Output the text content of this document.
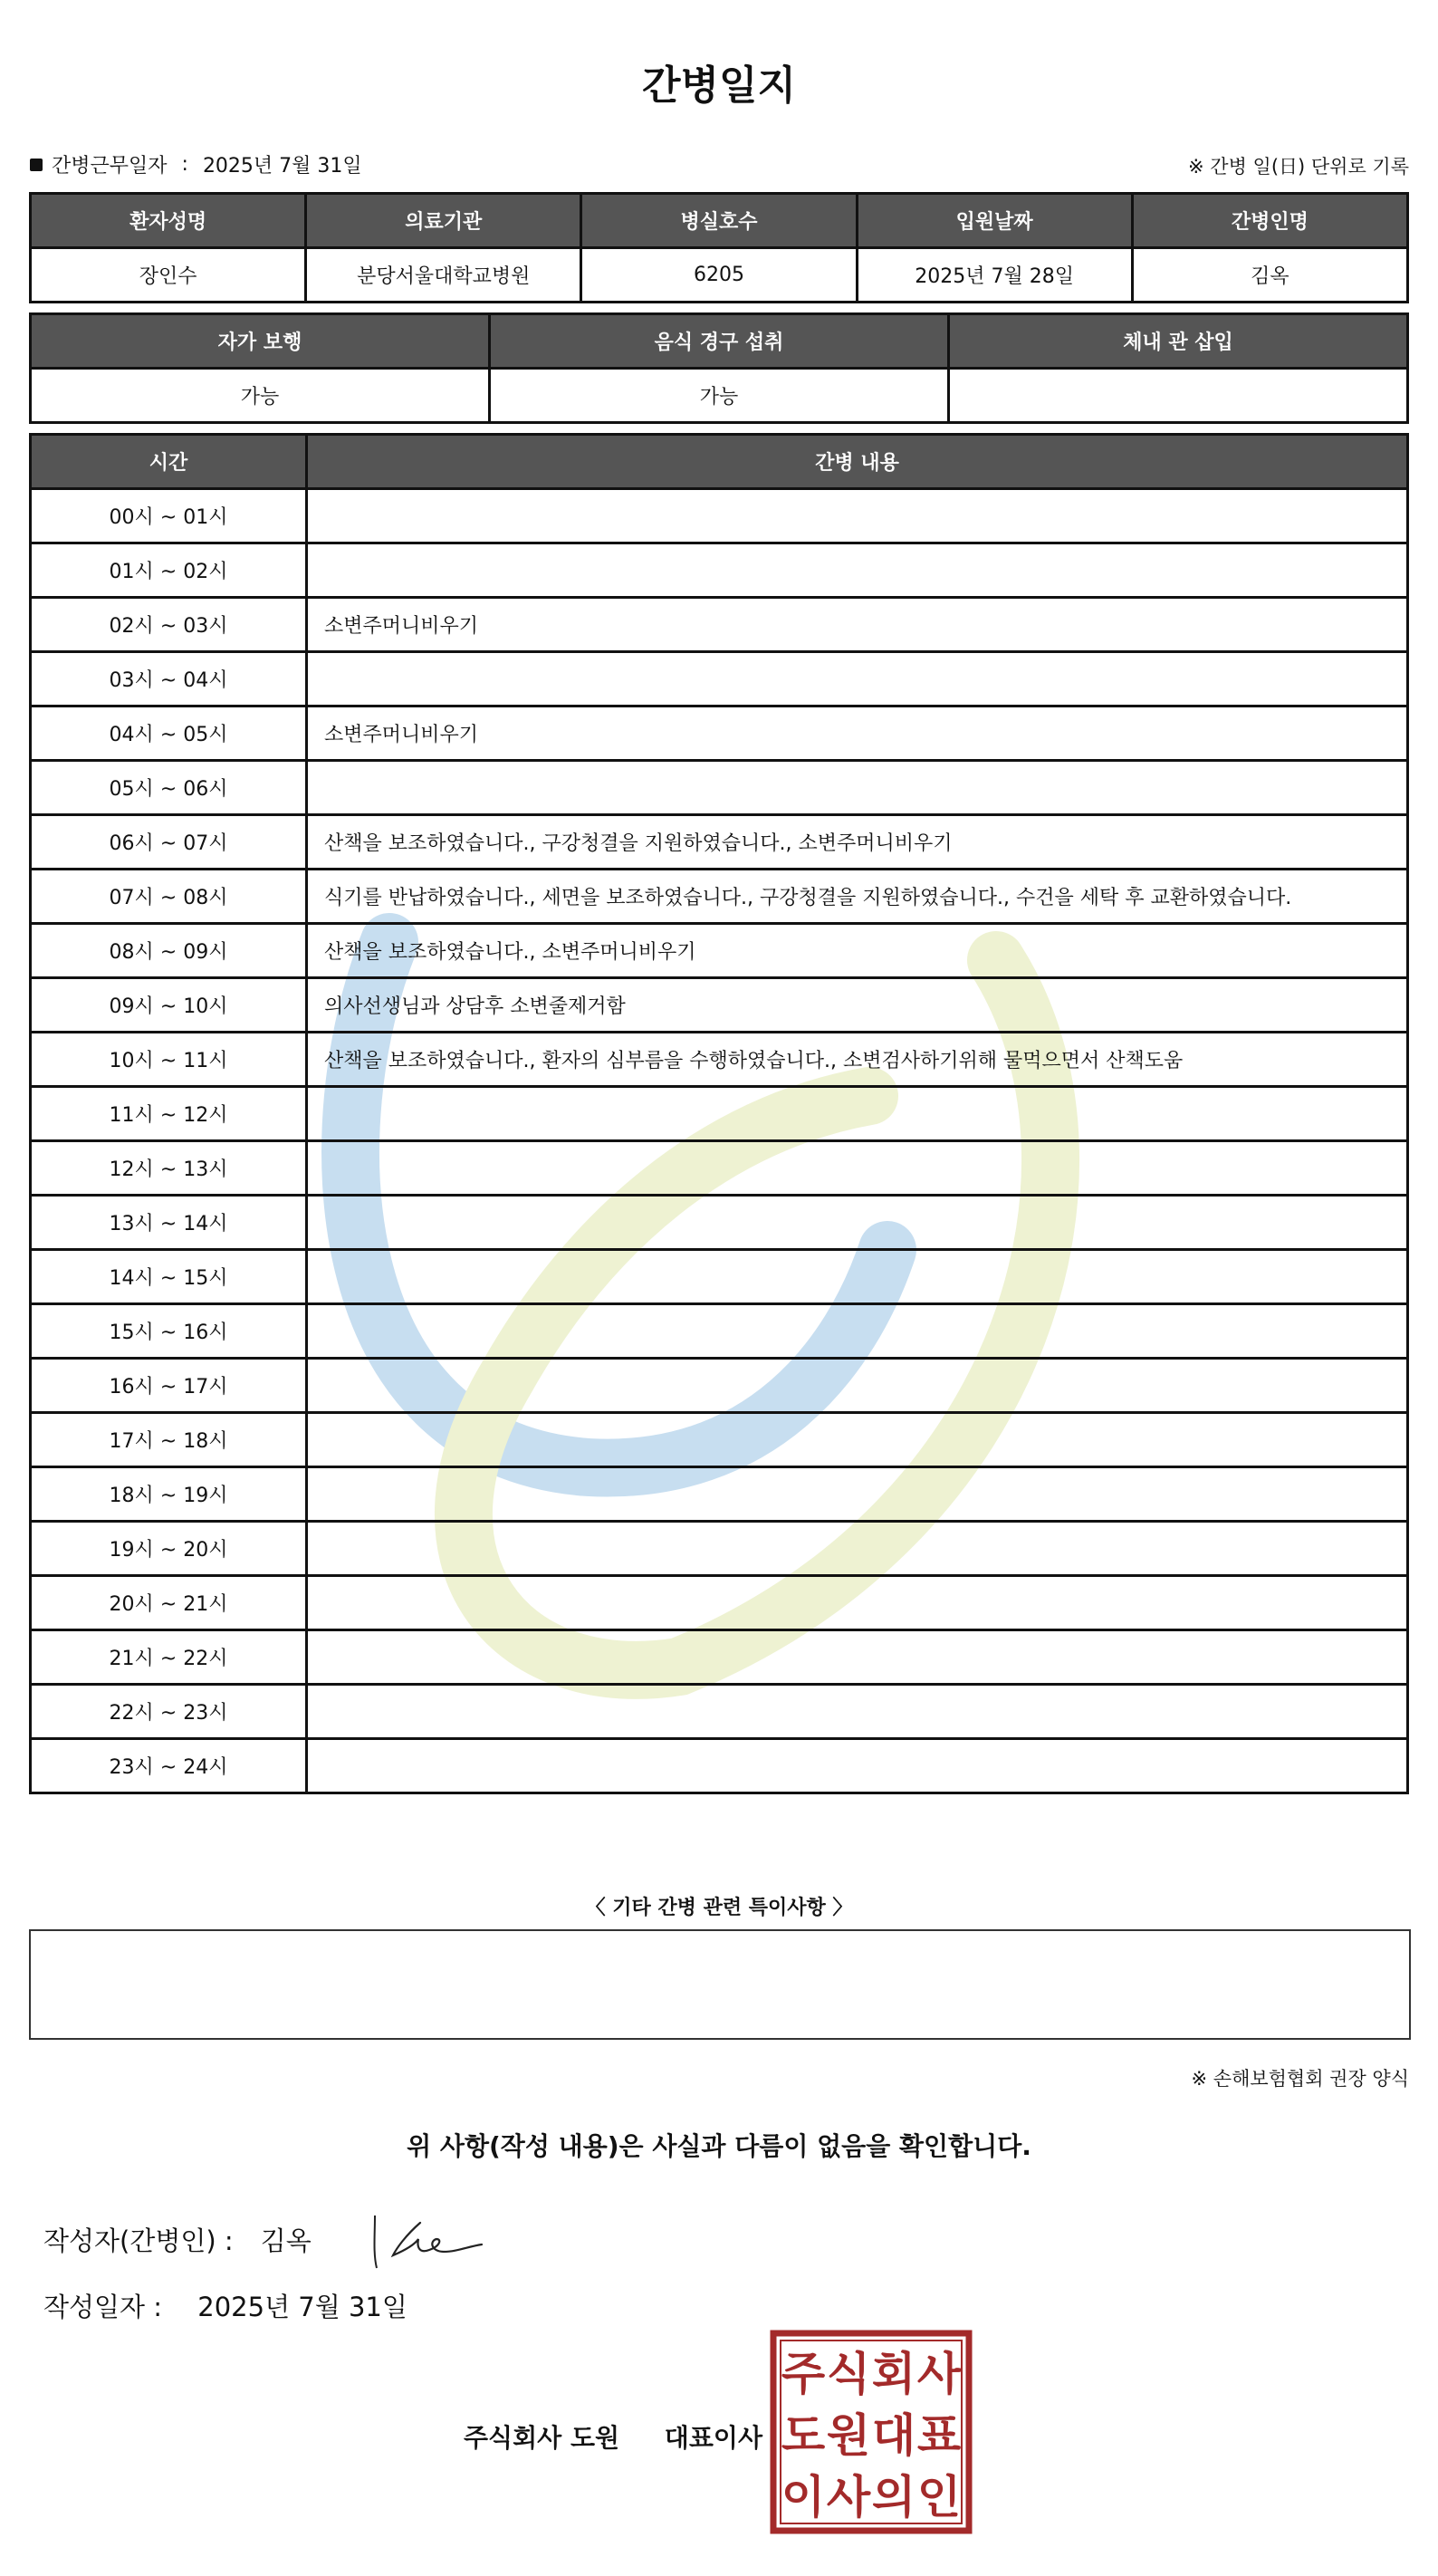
간병일지
간병근무일자 : 2025년 7월 31일	※ 간병 일(日) 단위로 기록
환자성명	의료기관	병실호수	입원날짜	간병인명
장인수	분당서울대학교병원	6205	2025년 7월 28일	김옥
자가 보행	음식 경구 섭취	체내 관 삽입
가능	가능	
시간	간병 내용
00시 ~ 01시	
01시 ~ 02시	
02시 ~ 03시	소변주머니비우기
03시 ~ 04시	
04시 ~ 05시	소변주머니비우기
05시 ~ 06시	
06시 ~ 07시	산책을 보조하였습니다., 구강청결을 지원하였습니다., 소변주머니비우기
07시 ~ 08시	식기를 반납하였습니다., 세면을 보조하였습니다., 구강청결을 지원하였습니다., 수건을 세탁 후 교환하였습니다.
08시 ~ 09시	산책을 보조하였습니다., 소변주머니비우기
09시 ~ 10시	의사선생님과 상담후 소변줄제거함
10시 ~ 11시	산책을 보조하였습니다., 환자의 심부름을 수행하였습니다., 소변검사하기위해 물먹으면서 산책도움
11시 ~ 12시	
12시 ~ 13시	
13시 ~ 14시	
14시 ~ 15시	
15시 ~ 16시	
16시 ~ 17시	
17시 ~ 18시	
18시 ~ 19시	
19시 ~ 20시	
20시 ~ 21시	
21시 ~ 22시	
22시 ~ 23시	
23시 ~ 24시	
〈 기타 간병 관련 특이사항 〉
※ 손해보험협회 권장 양식
위 사항(작성 내용)은 사실과 다름이 없음을 확인합니다.
작성자(간병인) : 김옥
작성일자 : 2025년 7월 31일
주식회사 도원 대표이사
주 식 회 사
도 원 대 표
이 사 의 인
